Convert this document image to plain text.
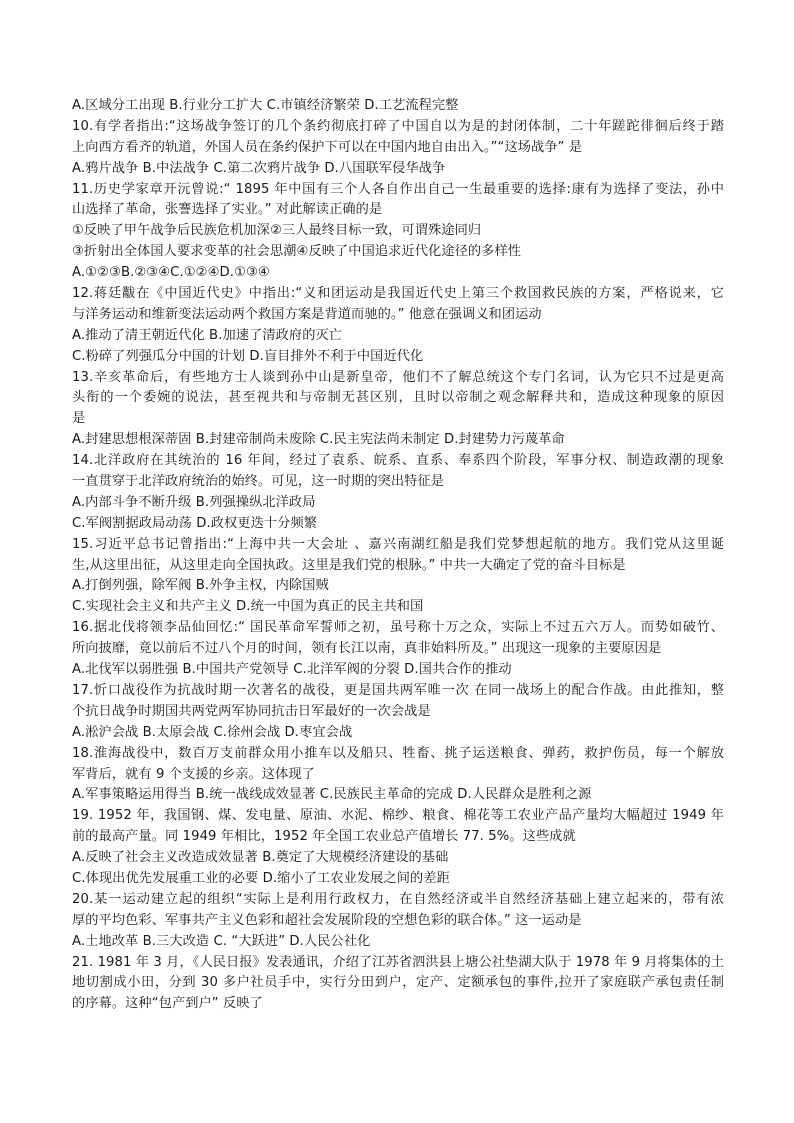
A.区域分工出现 B.行业分工扩大 C.市镇经济繁荣 D.工艺流程完整
10.有学者指出:“这场战争签订的几个条约彻底打碎了中国自以为是的封闭体制，二十年蹉跎徘徊后终于踏
上向西方看齐的轨道，外国人员在条约保护下可以在中国内地自由出入。”“这场战争” 是
A.鸦片战争 B.中法战争 C.第二次鸦片战争 D.八国联军侵华战争
11.历史学家章开沅曾说:“ 1895 年中国有三个人各自作出自己一生最重要的选择:康有为选择了变法，孙中
山选择了革命，张謇选择了实业。” 对此解读正确的是
①反映了甲午战争后民族危机加深②三人最终目标一致，可谓殊途同归
③折射出全体国人要求变革的社会思潮④反映了中国追求近代化途径的多样性
A.①②③B.②③④C.①②④D.①③④
12.蒋廷黻在《中国近代史》中指出:“义和团运动是我国近代史上第三个救国救民族的方案，严格说来，它
与洋务运动和维新变法运动两个救国方案是背道而驰的。” 他意在强调义和团运动
A.推动了清王朝近代化 B.加速了清政府的灭亡
C.粉碎了列强瓜分中国的计划 D.盲目排外不利于中国近代化
13.辛亥革命后，有些地方士人谈到孙中山是新皇帝，他们不了解总统这个专门名词，认为它只不过是更高
头衔的一个委婉的说法，甚至视共和与帝制无甚区别，且时以帝制之观念解释共和，造成这种现象的原因
是
A.封建思想根深蒂固 B.封建帝制尚未废除 C.民主宪法尚未制定 D.封建势力污蔑革命
14.北洋政府在其统治的 16 年间，经过了袁系、皖系、直系、奉系四个阶段，军事分权、制造政潮的现象
一直贯穿于北洋政府统治的始终。可见，这一时期的突出特征是
A.内部斗争不断升级 B.列强操纵北洋政局
C.军阀割据政局动荡 D.政权更迭十分频繁
15.习近平总书记曾指出:“上海中共一大会址 、嘉兴南湖红船是我们党梦想起航的地方。我们党从这里诞
生,从这里出征，从这里走向全国执政。这里是我们党的根脉。” 中共一大确定了党的奋斗目标是
A.打倒列强，除军阀 B.外争主权，内除国贼
C.实现社会主义和共产主义 D.统一中国为真正的民主共和国
16.据北伐将领李品仙回忆:“ 国民革命军誓师之初，虽号称十万之众，实际上不过五六万人。而势如破竹、
所向披靡，竟以前后不过八个月的时间，领有长江以南，真非始料所及。” 出现这一现象的主要原因是
A.北伐军以弱胜强 B.中国共产党领导 C.北洋军阀的分裂 D.国共合作的推动
17.忻口战役作为抗战时期一次著名的战役，更是国共两军唯一次 在同一战场上的配合作战。由此推知，整
个抗日战争时期国共两党两军协同抗击日军最好的一次会战是
A.淞沪会战 B.太原会战 C.徐州会战 D.枣宜会战
18.淮海战役中，数百万支前群众用小推车以及船只、牲畜、挑子运送粮食、弹药，救护伤员，每一个解放
军背后，就有 9 个支援的乡亲。这体现了
A.军事策略运用得当 B.统一战线成效显著 C.民族民主革命的完成 D.人民群众是胜利之源
19. 1952 年，我国钢、煤、发电量、原油、水泥、棉纱、粮食、棉花等工农业产品产量均大幅超过 1949 年
前的最高产量。同 1949 年相比，1952 年全国工农业总产值增长 77. 5%。这些成就
A.反映了社会主义改造成效显著 B.奠定了大规模经济建设的基础
C.体现出优先发展重工业的必要 D.缩小了工农业发展之间的差距
20.某一运动建立起的组织“实际上是利用行政权力，在自然经济或半自然经济基础上建立起来的，带有浓
厚的平均色彩、军事共产主义色彩和超社会发展阶段的空想色彩的联合体。” 这一运动是
A.土地改革 B.三大改造 C. “大跃进” D.人民公社化
21. 1981 年 3 月，《人民日报》发表通讯，介绍了江苏省泗洪县上塘公社垫湖大队于 1978 年 9 月将集体的土
地切割成小田，分到 30 多户社员手中，实行分田到户，定产、定额承包的事件,拉开了家庭联产承包责任制
的序幕。这种“包产到户” 反映了
